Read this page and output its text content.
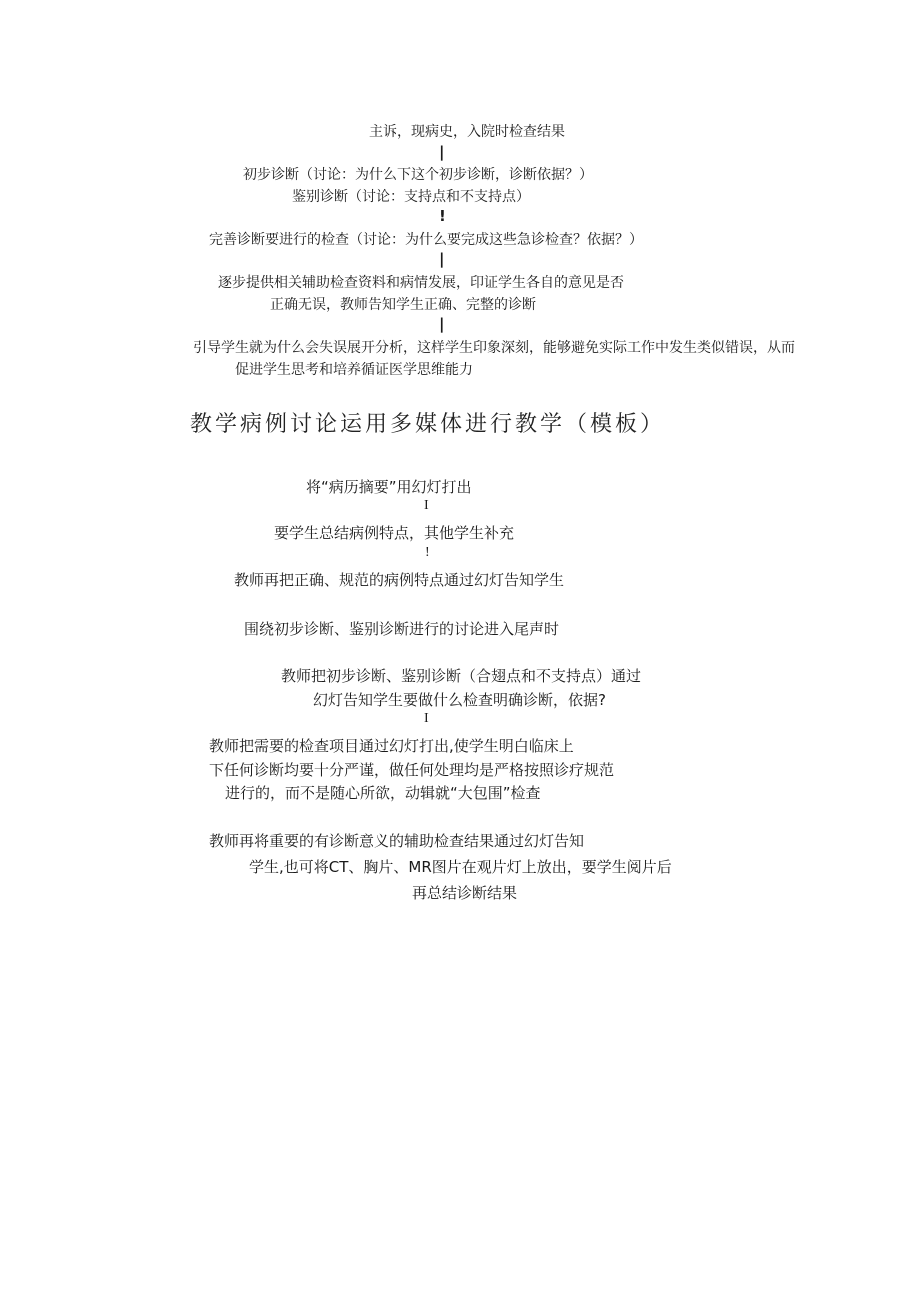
主诉，现病史，入院时检查结果
|
初步诊断（讨论：为什么下这个初步诊断，诊断依据？）
鉴别诊断（讨论：支持点和不支持点）
!
完善诊断要进行的检查（讨论：为什么要完成这些急诊检查？依据？）
|
逐步提供相关辅助检查资料和病情发展，印证学生各自的意见是否
正确无误，教师告知学生正确、完整的诊断
|
引导学生就为什么会失误展开分析，这样学生印象深刻，能够避免实际工作中发生类似错误，从而
促进学生思考和培养循证医学思维能力
教学病例讨论运用多媒体进行教学（模板）
将“病历摘要”用幻灯打出
I
要学生总结病例特点，其他学生补充
!
教师再把正确、规范的病例特点通过幻灯告知学生
围绕初步诊断、鉴别诊断进行的讨论进入尾声时
教师把初步诊断、鉴别诊断（合翅点和不支持点）通过
幻灯告知学生要做什么检查明确诊断，依据?
I
教师把需要的检查项目通过幻灯打出,使学生明白临床上
下任何诊断均要十分严谨，做任何处理均是严格按照诊疗规范
进行的，而不是随心所欲，动辑就“大包围”检查
教师再将重要的有诊断意义的辅助检查结果通过幻灯告知
学生,也可将CT、胸片、MR图片在观片灯上放出，要学生阅片后
再总结诊断结果
